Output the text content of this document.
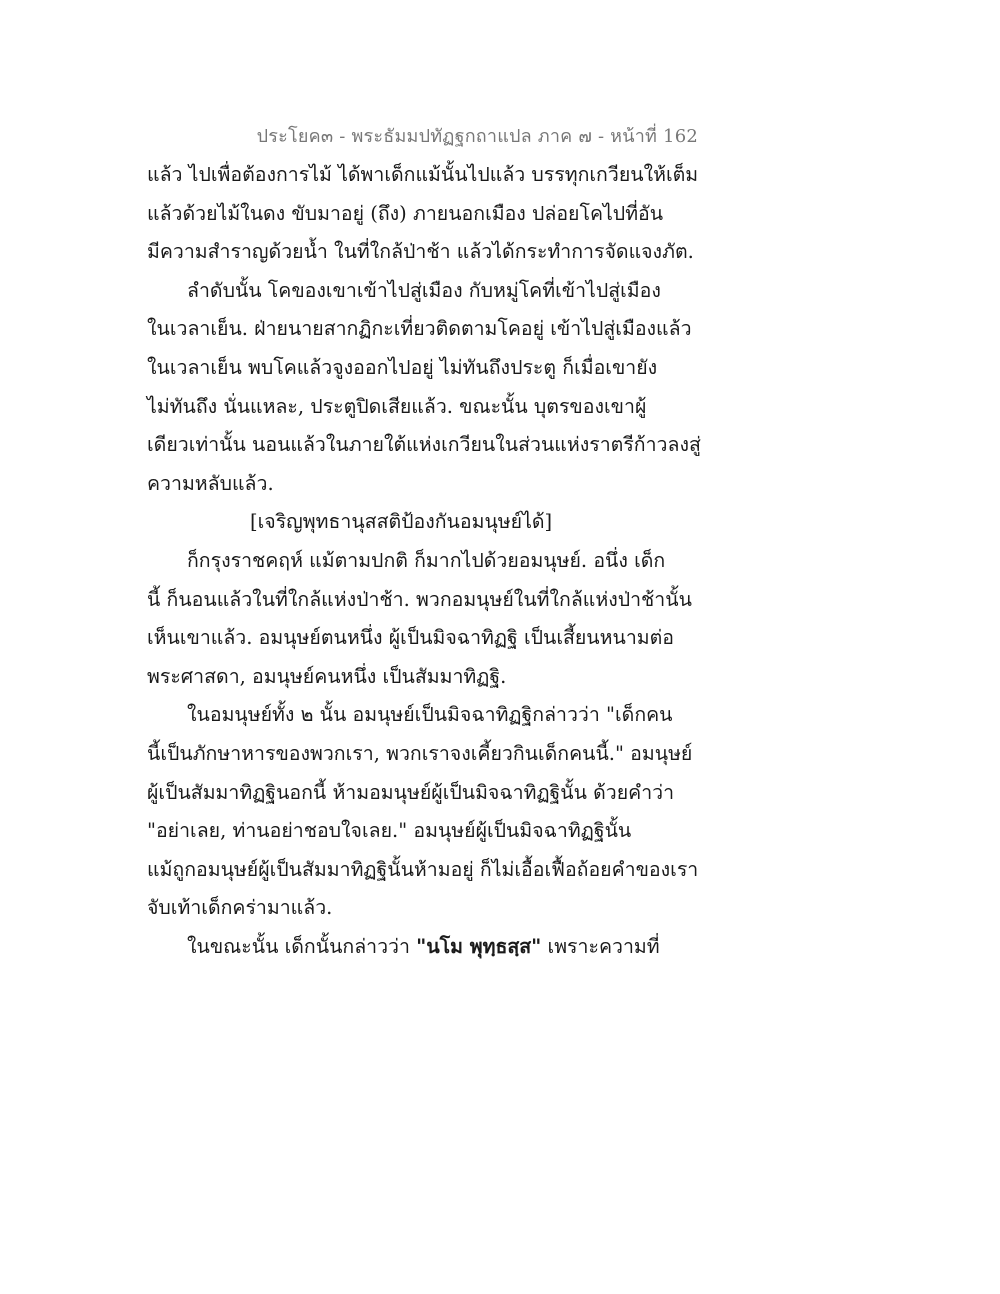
ประโยค๓ - พระธัมมปทัฏฐกถาแปล ภาค ๗ - หน้าที่ 162
แล้ว ไปเพื่อต้องการไม้ ได้พาเด็กแม้นั้นไปแล้ว บรรทุกเกวียนให้เต็ม
แล้วด้วยไม้ในดง ขับมาอยู่ (ถึง) ภายนอกเมือง ปล่อยโคไปที่อัน
มีความสำราญด้วยน้ำ ในที่ใกล้ป่าช้า แล้วได้กระทำการจัดแจงภัต.
ลำดับนั้น โคของเขาเข้าไปสู่เมือง กับหมู่โคที่เข้าไปสู่เมือง
ในเวลาเย็น. ฝ่ายนายสากฏิกะเที่ยวติดตามโคอยู่ เข้าไปสู่เมืองแล้ว
ในเวลาเย็น พบโคแล้วจูงออกไปอยู่ ไม่ทันถึงประตู ก็เมื่อเขายัง
ไม่ทันถึง นั่นแหละ, ประตูปิดเสียแล้ว. ขณะนั้น บุตรของเขาผู้
เดียวเท่านั้น นอนแล้วในภายใต้แห่งเกวียนในส่วนแห่งราตรีก้าวลงสู่
ความหลับแล้ว.
[เจริญพุทธานุสสติป้องกันอมนุษย์ได้]
ก็กรุงราชคฤห์ แม้ตามปกติ ก็มากไปด้วยอมนุษย์. อนึ่ง เด็ก
นี้ ก็นอนแล้วในที่ใกล้แห่งป่าช้า. พวกอมนุษย์ในที่ใกล้แห่งป่าช้านั้น
เห็นเขาแล้ว. อมนุษย์ตนหนึ่ง ผู้เป็นมิจฉาทิฏฐิ เป็นเสี้ยนหนามต่อ
พระศาสดา, อมนุษย์คนหนึ่ง เป็นสัมมาทิฏฐิ.
ในอมนุษย์ทั้ง ๒ นั้น อมนุษย์เป็นมิจฉาทิฏฐิกล่าวว่า "เด็กคน
นี้เป็นภักษาหารของพวกเรา, พวกเราจงเคี้ยวกินเด็กคนนี้." อมนุษย์
ผู้เป็นสัมมาทิฏฐินอกนี้ ห้ามอมนุษย์ผู้เป็นมิจฉาทิฏฐินั้น ด้วยคำว่า
"อย่าเลย, ท่านอย่าชอบใจเลย." อมนุษย์ผู้เป็นมิจฉาทิฏฐินั้น
แม้ถูกอมนุษย์ผู้เป็นสัมมาทิฏฐินั้นห้ามอยู่ ก็ไม่เอื้อเฟื้อถ้อยคำของเรา
จับเท้าเด็กคร่ามาแล้ว.
ในขณะนั้น เด็กนั้นกล่าวว่า "นโม พุทฺธสฺส" เพราะความที่
